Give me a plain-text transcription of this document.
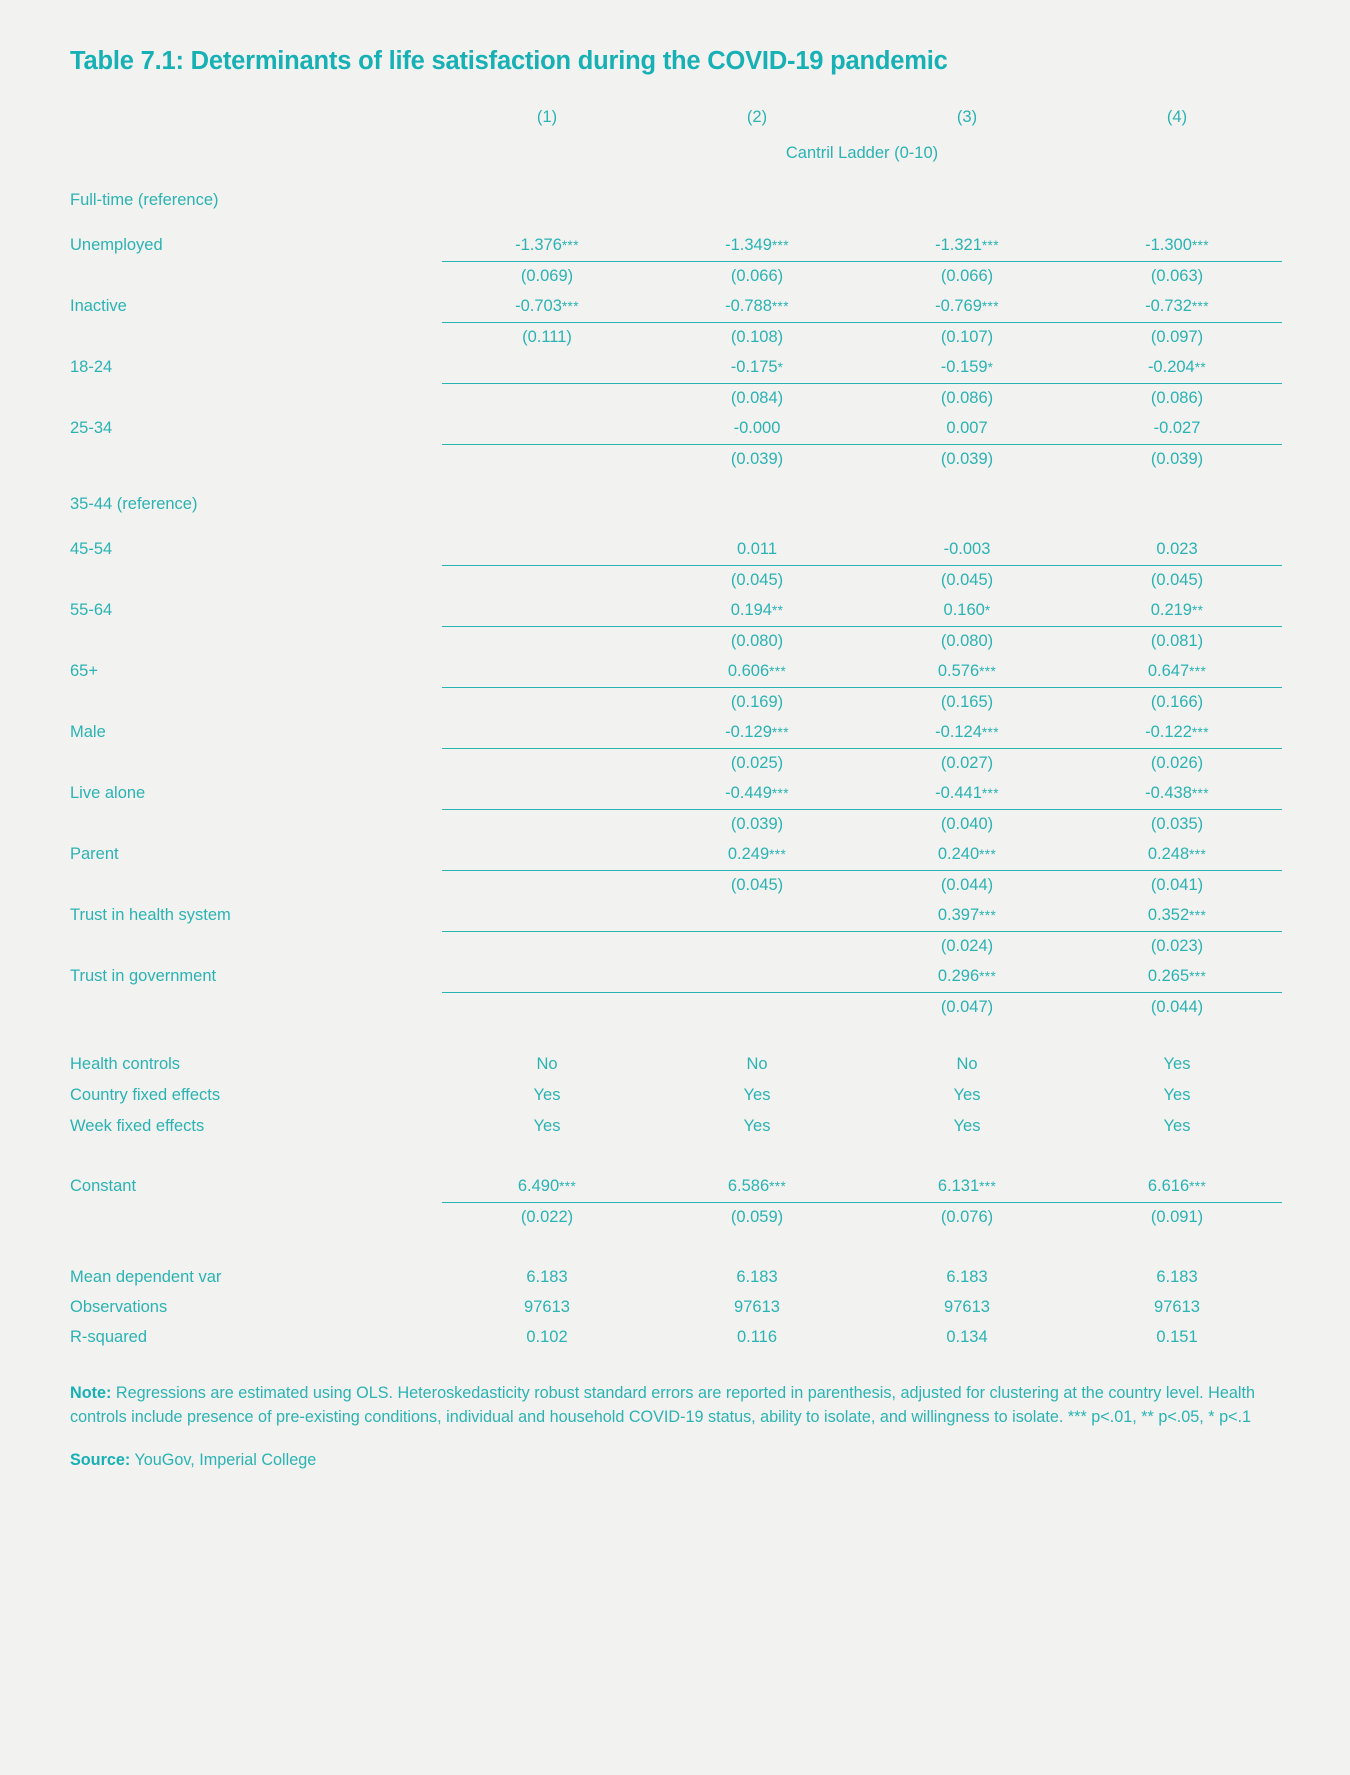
Table 7.1: Determinants of life satisfaction during the COVID-19 pandemic
	(1)	(2)	(3)	(4)
	Cantril Ladder (0-10)			
Full-time (reference)				
Unemployed	-1.376***	-1.349***	-1.321***	-1.300***
	(0.069)	(0.066)	(0.066)	(0.063)
Inactive	-0.703***	-0.788***	-0.769***	-0.732***
	(0.111)	(0.108)	(0.107)	(0.097)
18-24		-0.175*	-0.159*	-0.204**
		(0.084)	(0.086)	(0.086)
25-34		-0.000	0.007	-0.027
		(0.039)	(0.039)	(0.039)
35-44 (reference)				
45-54		0.011	-0.003	0.023
		(0.045)	(0.045)	(0.045)
55-64		0.194**	0.160*	0.219**
		(0.080)	(0.080)	(0.081)
65+		0.606***	0.576***	0.647***
		(0.169)	(0.165)	(0.166)
Male		-0.129***	-0.124***	-0.122***
		(0.025)	(0.027)	(0.026)
Live alone		-0.449***	-0.441***	-0.438***
		(0.039)	(0.040)	(0.035)
Parent		0.249***	0.240***	0.248***
		(0.045)	(0.044)	(0.041)
Trust in health system			0.397***	0.352***
			(0.024)	(0.023)
Trust in government			0.296***	0.265***
			(0.047)	(0.044)

Health controls	No	No	No	Yes
Country fixed effects	Yes	Yes	Yes	Yes
Week fixed effects	Yes	Yes	Yes	Yes

Constant	6.490***	6.586***	6.131***	6.616***
	(0.022)	(0.059)	(0.076)	(0.091)

Mean dependent var	6.183	6.183	6.183	6.183
Observations	97613	97613	97613	97613
R-squared	0.102	0.116	0.134	0.151
Note: Regressions are estimated using OLS. Heteroskedasticity robust standard errors are reported in parenthesis, adjusted for clustering at the country level. Health controls include presence of pre-existing conditions, individual and household COVID-19 status, ability to isolate, and willingness to isolate. *** p<.01, ** p<.05, * p<.1
Source: YouGov, Imperial College
